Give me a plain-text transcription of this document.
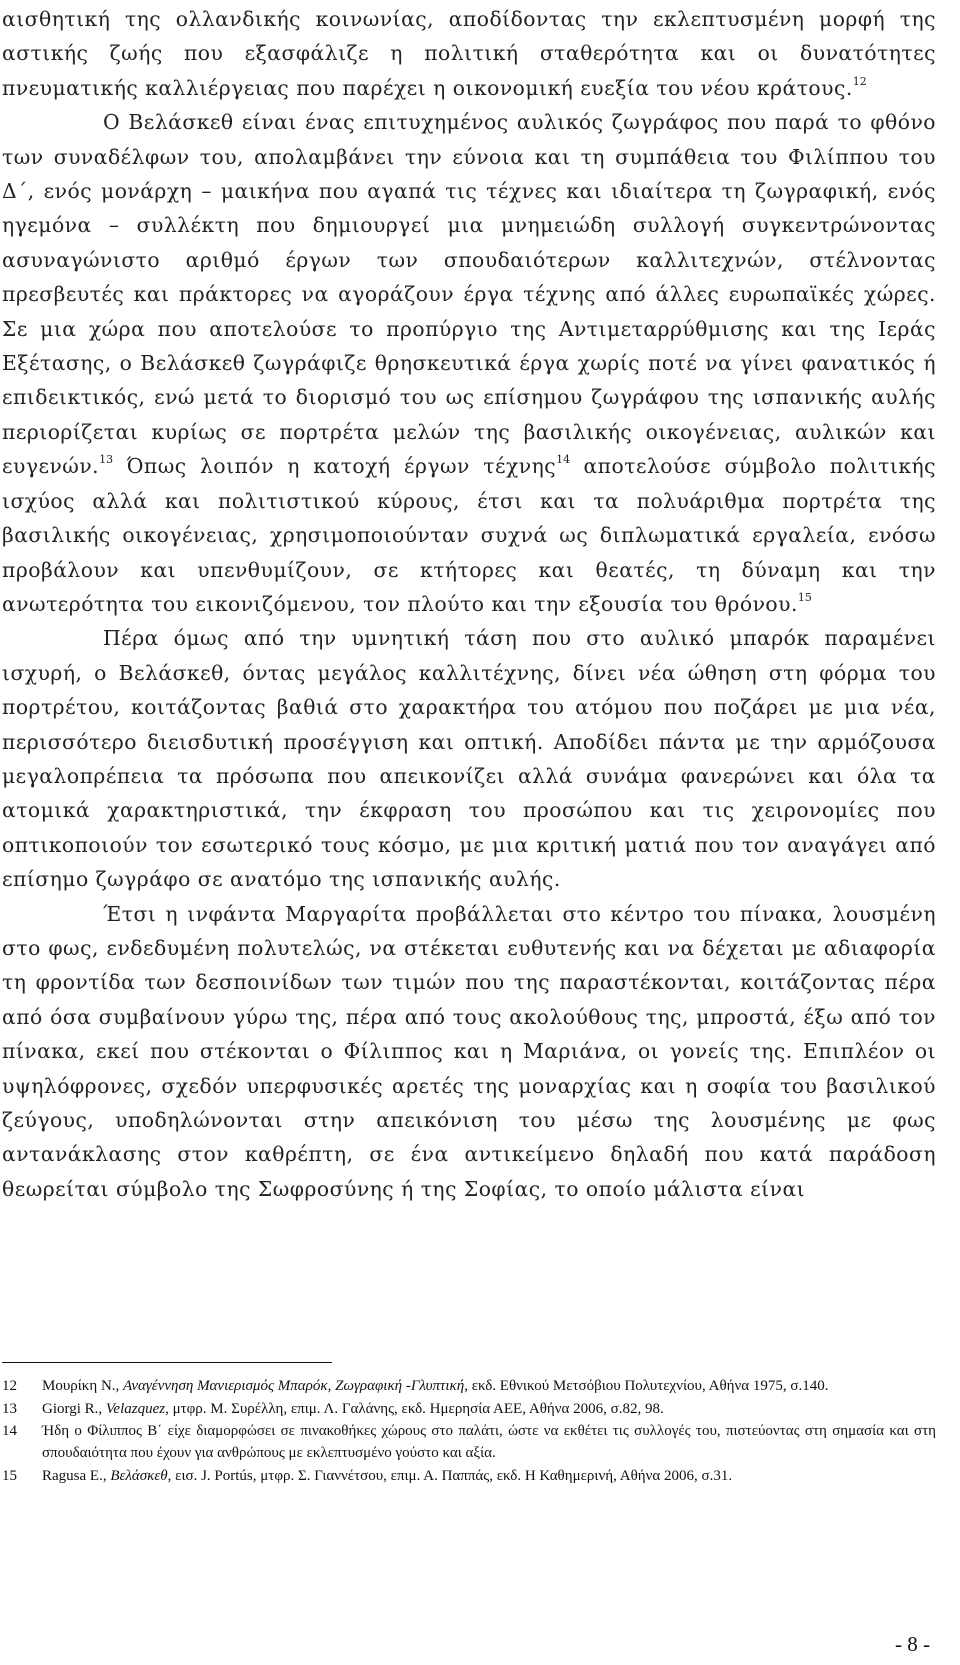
αισθητική της ολλανδικής κοινωνίας, αποδίδοντας την εκλεπτυσμένη μορφή της αστικής ζωής που εξασφάλιζε η πολιτική σταθερότητα και οι δυνατότητες πνευματικής καλλιέργειας που παρέχει η οικονομική ευεξία του νέου κράτους.$^{12}$

Ο Βελάσκεθ είναι ένας επιτυχημένος αυλικός ζωγράφος που παρά το φθόνο των συναδέλφων του, απολαμβάνει την εύνοια και τη συμπάθεια του Φιλίππου του Δ΄, ενός μονάρχη – μαικήνα που αγαπά τις τέχνες και ιδιαίτερα τη ζωγραφική, ενός ηγεμόνα – συλλέκτη που δημιουργεί μια μνημειώδη συλλογή συγκεντρώνοντας ασυναγώνιστο αριθμό έργων των σπουδαιότερων καλλιτεχνών, στέλνοντας πρεσβευτές και πράκτορες να αγοράζουν έργα τέχνης από άλλες ευρωπαϊκές χώρες. Σε μια χώρα που αποτελούσε το προπύργιο της Αντιμεταρρύθμισης και της Ιεράς Εξέτασης, ο Βελάσκεθ ζωγράφιζε θρησκευτικά έργα χωρίς ποτέ να γίνει φανατικός ή επιδεικτικός, ενώ μετά το διορισμό του ως επίσημου ζωγράφου της ισπανικής αυλής περιορίζεται κυρίως σε πορτρέτα μελών της βασιλικής οικογένειας, αυλικών και ευγενών.$^{13}$ Όπως λοιπόν η κατοχή έργων τέχνης$^{14}$ αποτελούσε σύμβολο πολιτικής ισχύος αλλά και πολιτιστικού κύρους, έτσι και τα πολυάριθμα πορτρέτα της βασιλικής οικογένειας, χρησιμοποιούνταν συχνά ως διπλωματικά εργαλεία, ενόσω προβάλουν και υπενθυμίζουν, σε κτήτορες και θεατές, τη δύναμη και την ανωτερότητα του εικονιζόμενου, τον πλούτο και την εξουσία του θρόνου.$^{15}$

Πέρα όμως από την υμνητική τάση που στο αυλικό μπαρόκ παραμένει ισχυρή, ο Βελάσκεθ, όντας μεγάλος καλλιτέχνης, δίνει νέα ώθηση στη φόρμα του πορτρέτου, κοιτάζοντας βαθιά στο χαρακτήρα του ατόμου που ποζάρει με μια νέα, περισσότερο διεισδυτική προσέγγιση και οπτική. Αποδίδει πάντα με την αρμόζουσα μεγαλοπρέπεια τα πρόσωπα που απεικονίζει αλλά συνάμα φανερώνει και όλα τα ατομικά χαρακτηριστικά, την έκφραση του προσώπου και τις χειρονομίες που οπτικοποιούν τον εσωτερικό τους κόσμο, με μια κριτική ματιά που τον αναγάγει από επίσημο ζωγράφο σε ανατόμο της ισπανικής αυλής.

Έτσι η ινφάντα Μαργαρίτα προβάλλεται στο κέντρο του πίνακα, λουσμένη στο φως, ενδεδυμένη πολυτελώς, να στέκεται ευθυτενής και να δέχεται με αδιαφορία τη φροντίδα των δεσποινίδων των τιμών που της παραστέκονται, κοιτάζοντας πέρα από όσα συμβαίνουν γύρω της, πέρα από τους ακολούθους της, μπροστά, έξω από τον πίνακα, εκεί που στέκονται ο Φίλιππος και η Μαριάνα, οι γονείς της. Επιπλέον οι υψηλόφρονες, σχεδόν υπερφυσικές αρετές της μοναρχίας και η σοφία του βασιλικού ζεύγους, υποδηλώνονται στην απεικόνιση του μέσω της λουσμένης με φως αντανάκλασης στον καθρέπτη, σε ένα αντικείμενο δηλαδή που κατά παράδοση θεωρείται σύμβολο της Σωφροσύνης ή της Σοφίας, το οποίο μάλιστα είναι

12 Μουρίκη Ν., Αναγέννηση Μανιερισμός Μπαρόκ, Ζωγραφική -Γλυπτική, εκδ. Εθνικού Μετσόβιου Πολυτεχνίου, Αθήνα 1975, σ.140.
13 Giorgi R., Velazquez, μτφρ. Μ. Συρέλλη, επιμ. Λ. Γαλάνης, εκδ. Ημερησία ΑΕΕ, Αθήνα 2006, σ.82, 98.
14 Ήδη ο Φίλιππος Β΄ είχε διαμορφώσει σε πινακοθήκες χώρους στο παλάτι, ώστε να εκθέτει τις συλλογές του, πιστεύοντας στη σημασία και στη σπουδαιότητα που έχουν για ανθρώπους με εκλεπτυσμένο γούστο και αξία.
15 Ragusa E., Βελάσκεθ, εισ. J. Portús, μτφρ. Σ. Γιαννέτσου, επιμ. Α. Παππάς, εκδ. Η Καθημερινή, Αθήνα 2006, σ.31.
- 8 -
